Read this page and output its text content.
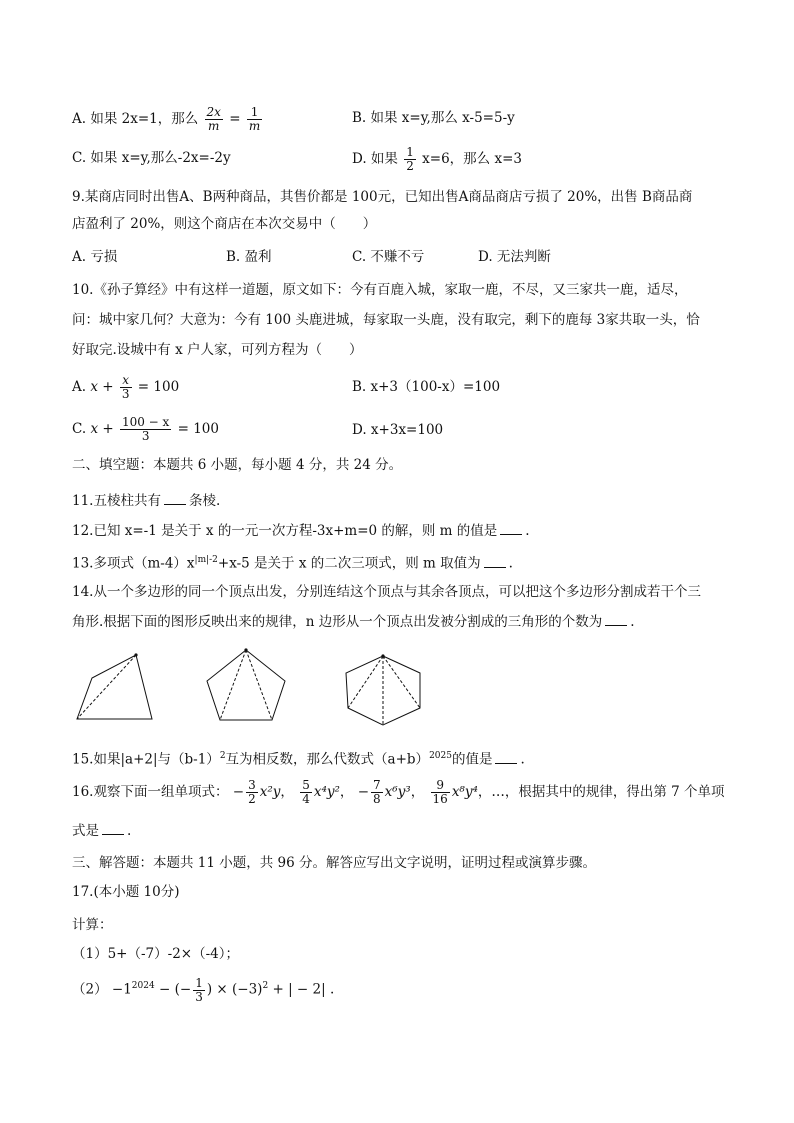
A. 如果 2x=1，那么 $\frac{2x}{m} = \frac{1}{m}$	B. 如果 x=y,那么 x-5=5-y
C. 如果 x=y,那么-2x=-2y	D. 如果 $\frac{1}{2} x=6$，那么 x=3
9.某商店同时出售A、B两种商品，其售价都是 100元，已知出售A商品商店亏损了 20%，出售 B商品商
店盈利了 20%，则这个商店在本次交易中（　　）
A. 亏损	B. 盈利	C. 不赚不亏	D. 无法判断
10.《孙子算经》中有这样一道题，原文如下：今有百鹿入城，家取一鹿，不尽，又三家共一鹿，适尽，
问：城中家几何？大意为：今有 100 头鹿进城，每家取一头鹿，没有取完，剩下的鹿每 3家共取一头，恰
好取完.设城中有 x 户人家，可列方程为（　　）
A. $x + \frac{x}{3} = 100$	B. x+3（100-x）=100
C. $x + \frac{100 - x}{3} = 100$	D. x+3x=100
二、填空题：本题共 6 小题，每小题 4 分，共 24 分。
11.五棱柱共有 条棱.
12.已知 x=-1 是关于 x 的一元一次方程-3x+m=0 的解，则 m 的值是 .
13.多项式$(m-4)x^{|m|-2}+x-5$ 是关于 x 的二次三项式，则 m 取值为 .
14.从一个多边形的同一个顶点出发，分别连结这个顶点与其余各顶点，可以把这个多边形分割成若干个三
角形.根据下面的图形反映出来的规律，n 边形从一个顶点出发被分割成的三角形的个数为 .
15.如果|a+2|与$(b-1)^2$互为相反数，那么代数式$(a+b)^{2025}$的值是 .
16.观察下面一组单项式： − $\frac{3}{2} x^2y$， $\frac{5}{4} x^4y^2$， − $\frac{7}{8} x^6y^3$， $\frac{9}{16} x^8y^4$，…，根据其中的规律，得出第 7 个单项
式是 .
三、解答题：本题共 11 小题，共 96 分。解答应写出文字说明，证明过程或演算步骤。
17.(本小题 10分)
计算：
（1）5+（-7）-2×（-4）；
$(2) -1^{2024}$ − (− $\frac{1}{3}$ ) × $(-3)^2$ + | − 2| .
